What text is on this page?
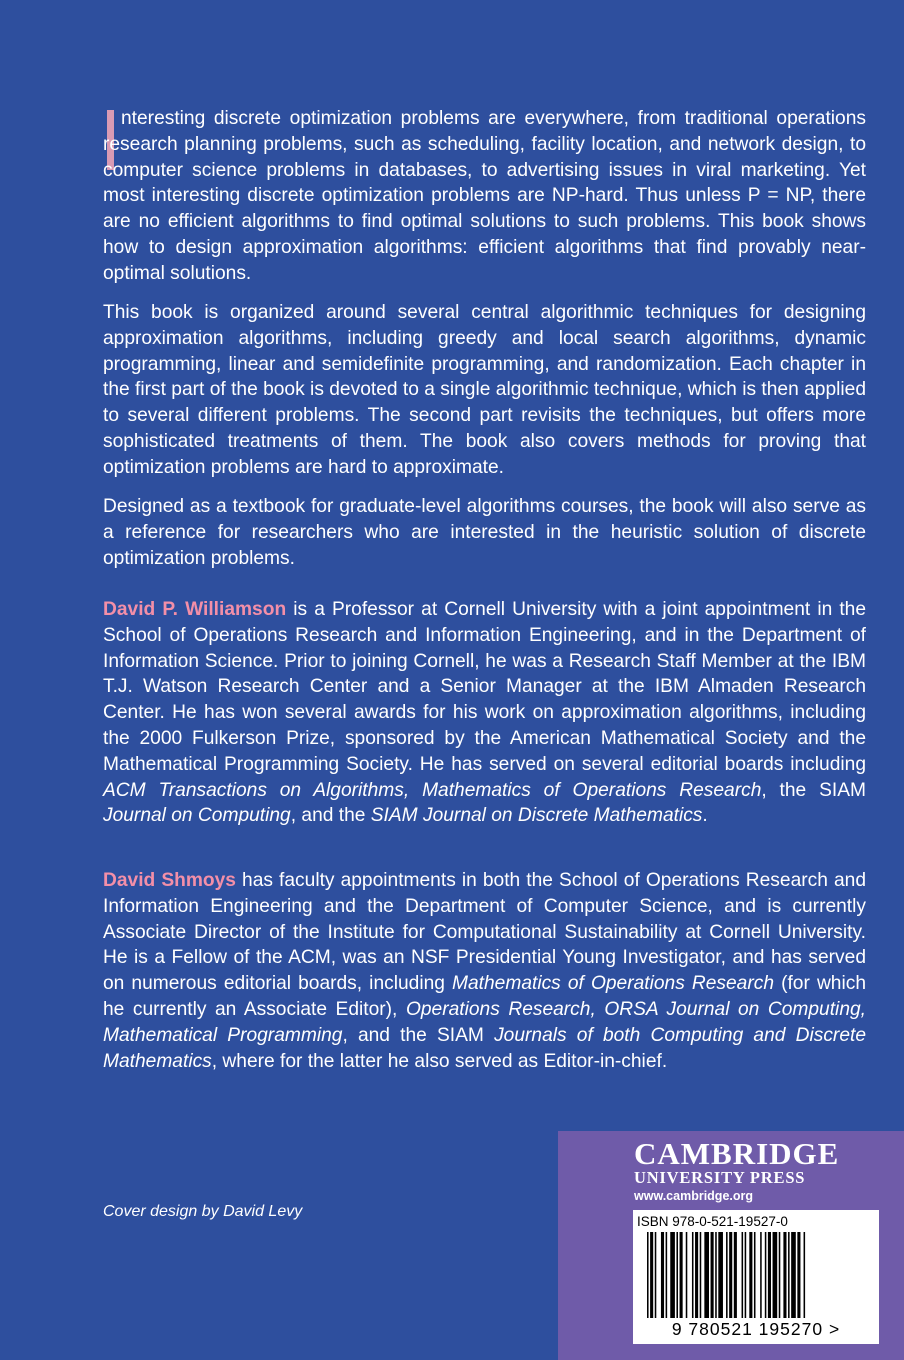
nteresting discrete optimization problems are everywhere, from traditional operations research planning problems, such as scheduling, facility location, and network design, to computer science problems in databases, to advertising issues in viral marketing. Yet most interesting discrete optimization problems are NP-hard. Thus unless P = NP, there are no efficient algorithms to find optimal solutions to such problems. This book shows how to design approximation algorithms: efficient algorithms that find provably near-optimal solutions.

This book is organized around several central algorithmic techniques for designing approximation algorithms, including greedy and local search algorithms, dynamic programming, linear and semidefinite programming, and randomization. Each chapter in the first part of the book is devoted to a single algorithmic technique, which is then applied to several different problems. The second part revisits the techniques, but offers more sophisticated treatments of them. The book also covers methods for proving that optimization problems are hard to approximate.

Designed as a textbook for graduate-level algorithms courses, the book will also serve as a reference for researchers who are interested in the heuristic solution of discrete optimization problems.

David P. Williamson is a Professor at Cornell University with a joint appointment in the School of Operations Research and Information Engineering, and in the Department of Information Science. Prior to joining Cornell, he was a Research Staff Member at the IBM T.J. Watson Research Center and a Senior Manager at the IBM Almaden Research Center. He has won several awards for his work on approximation algorithms, including the 2000 Fulkerson Prize, sponsored by the American Mathematical Society and the Mathematical Programming Society. He has served on several editorial boards including ACM Transactions on Algorithms, Mathematics of Operations Research, the SIAM Journal on Computing, and the SIAM Journal on Discrete Mathematics.

David Shmoys has faculty appointments in both the School of Operations Research and Information Engineering and the Department of Computer Science, and is currently Associate Director of the Institute for Computational Sustainability at Cornell University. He is a Fellow of the ACM, was an NSF Presidential Young Investigator, and has served on numerous editorial boards, including Mathematics of Operations Research (for which he currently an Associate Editor), Operations Research, ORSA Journal on Computing, Mathematical Programming, and the SIAM Journals of both Computing and Discrete Mathematics, where for the latter he also served as Editor-in-chief.

Cover design by David Levy
CAMBRIDGE
UNIVERSITY PRESS
www.cambridge.org
ISBN 978-0-521-19527-0
9 780521 195270 >
